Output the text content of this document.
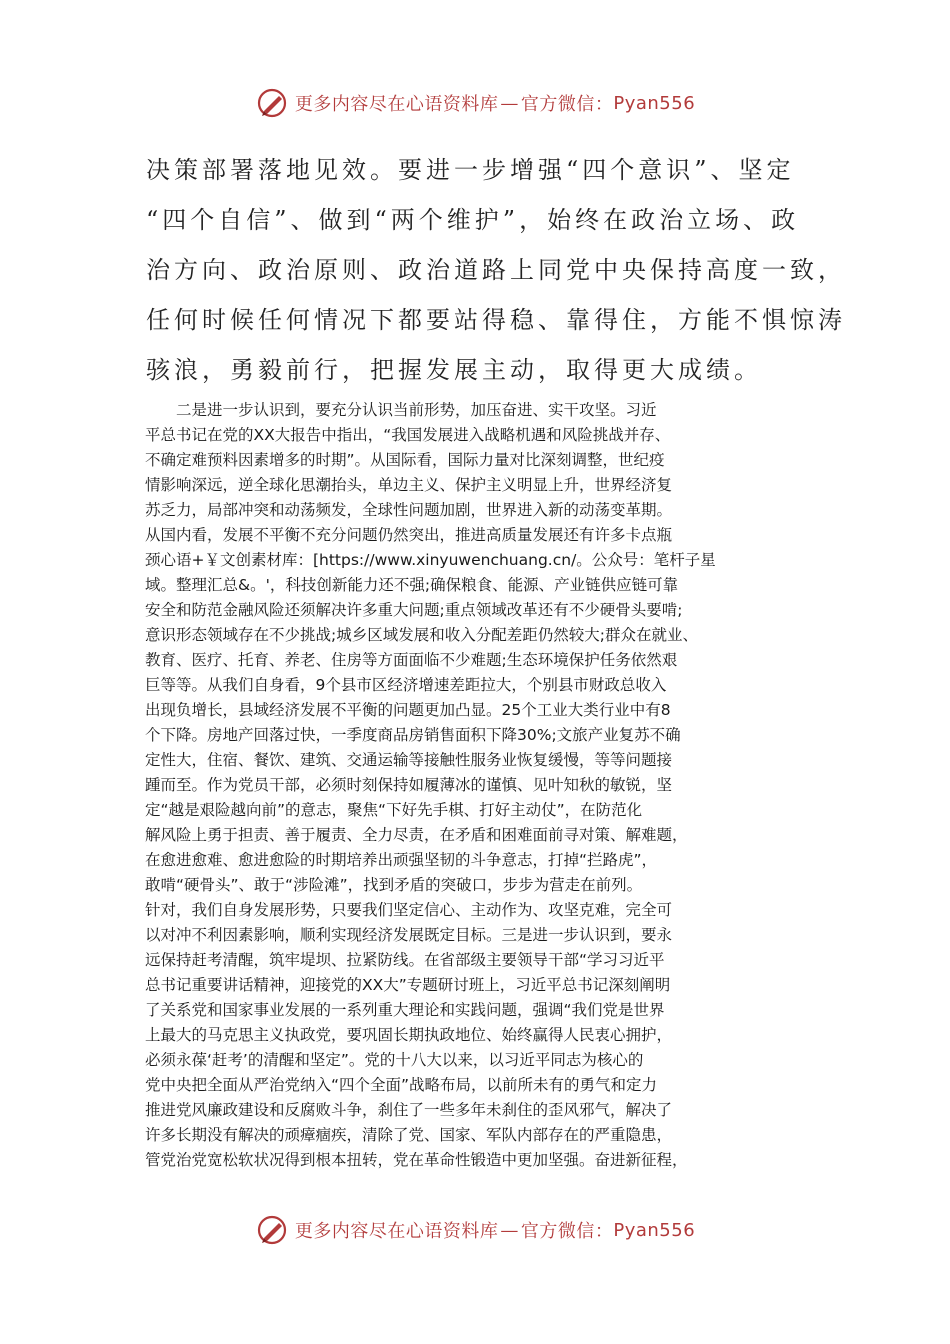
更多内容尽在心语资料库 — 官方微信： Pyan556

决策部署落地见效。要进一步增强“四个意识”、坚定

“四个自信”、做到“两个维护”，始终在政治立场、政

治方向、政治原则、政治道路上同党中央保持高度一致，

任何时候任何情况下都要站得稳、靠得住，方能不惧惊涛

骇浪，勇毅前行，把握发展主动，取得更大成绩。

　　二是进一步认识到，要充分认识当前形势，加压奋进、实干攻坚。习近

平总书记在党的XX大报告中指出，“我国发展进入战略机遇和风险挑战并存、

不确定难预料因素增多的时期”。从国际看，国际力量对比深刻调整，世纪疫

情影响深远，逆全球化思潮抬头，单边主义、保护主义明显上升，世界经济复

苏乏力，局部冲突和动荡频发，全球性问题加剧，世界进入新的动荡变革期。

从国内看，发展不平衡不充分问题仍然突出，推进高质量发展还有许多卡点瓶

颈心语+￥文创素材库：[https://www.xinyuwenchuang.cn/。公众号：笔杆子星

域。整理汇总&。'，科技创新能力还不强;确保粮食、能源、产业链供应链可靠

安全和防范金融风险还须解决许多重大问题;重点领域改革还有不少硬骨头要啃;

意识形态领域存在不少挑战;城乡区域发展和收入分配差距仍然较大;群众在就业、

教育、医疗、托育、养老、住房等方面面临不少难题;生态环境保护任务依然艰

巨等等。从我们自身看，9个县市区经济增速差距拉大，个别县市财政总收入

出现负增长，县域经济发展不平衡的问题更加凸显。25个工业大类行业中有8

个下降。房地产回落过快，一季度商品房销售面积下降30%;文旅产业复苏不确

定性大，住宿、餐饮、建筑、交通运输等接触性服务业恢复缓慢，等等问题接

踵而至。作为党员干部，必须时刻保持如履薄冰的谨慎、见叶知秋的敏锐，坚

定“越是艰险越向前”的意志，聚焦“下好先手棋、打好主动仗”，在防范化

解风险上勇于担责、善于履责、全力尽责，在矛盾和困难面前寻对策、解难题，

在愈进愈难、愈进愈险的时期培养出顽强坚韧的斗争意志，打掉“拦路虎”，

敢啃“硬骨头”、敢于“涉险滩”，找到矛盾的突破口，步步为营走在前列。

针对，我们自身发展形势，只要我们坚定信心、主动作为、攻坚克难，完全可

以对冲不利因素影响，顺利实现经济发展既定目标。三是进一步认识到，要永

远保持赶考清醒，筑牢堤坝、拉紧防线。在省部级主要领导干部“学习习近平

总书记重要讲话精神，迎接党的XX大”专题研讨班上，习近平总书记深刻阐明

了关系党和国家事业发展的一系列重大理论和实践问题，强调“我们党是世界

上最大的马克思主义执政党，要巩固长期执政地位、始终赢得人民衷心拥护，

必须永葆‘赶考’的清醒和坚定”。党的十八大以来，以习近平同志为核心的

党中央把全面从严治党纳入“四个全面”战略布局，以前所未有的勇气和定力

推进党风廉政建设和反腐败斗争，刹住了一些多年未刹住的歪风邪气，解决了

许多长期没有解决的顽瘴痼疾，清除了党、国家、军队内部存在的严重隐患，

管党治党宽松软状况得到根本扭转，党在革命性锻造中更加坚强。奋进新征程，

更多内容尽在心语资料库 — 官方微信： Pyan556
